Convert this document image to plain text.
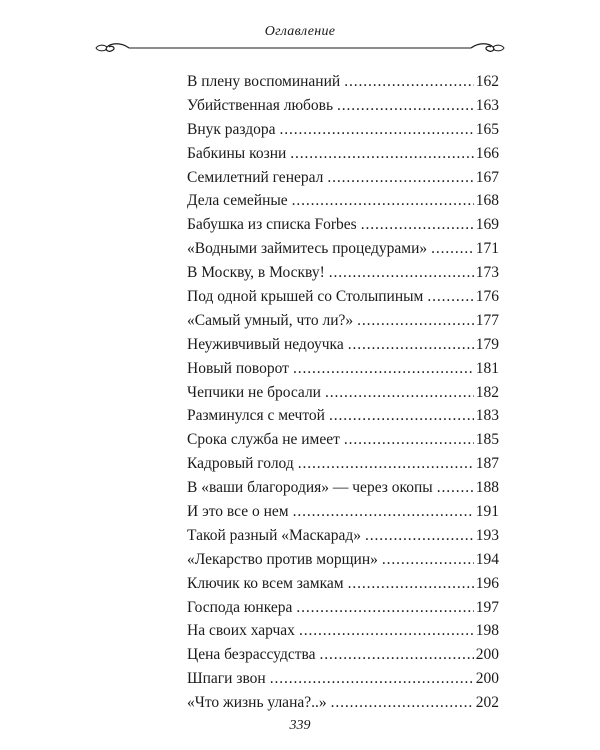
Оглавление
В плену воспоминаний . . .	162
Убийственная любовь . . .	163
Внук раздора . . .	165
Бабкины козни . . .	166
Семилетний генерал . . .	167
Дела семейные . . .	168
Бабушка из списка Forbes . . .	169
«Водными займитесь процедурами» . . .	171
В Москву, в Москву! . . .	173
Под одной крышей со Столыпиным . . .	176
«Самый умный, что ли?» . . .	177
Неуживчивый недоучка . . .	179
Новый поворот . . .	181
Чепчики не бросали . . .	182
Разминулся с мечтой . . .	183
Срока служба не имеет . . .	185
Кадровый голод . . .	187
В «ваши благородия» — через окопы . . .	188
И это все о нем . . .	191
Такой разный «Маскарад» . . .	193
«Лекарство против морщин» . . .	194
Ключик ко всем замкам . . .	196
Господа юнкера . . .	197
На своих харчах . . .	198
Цена безрассудства . . .	200
Шпаги звон . . .	200
«Что жизнь улана?..» . . .	202
339
